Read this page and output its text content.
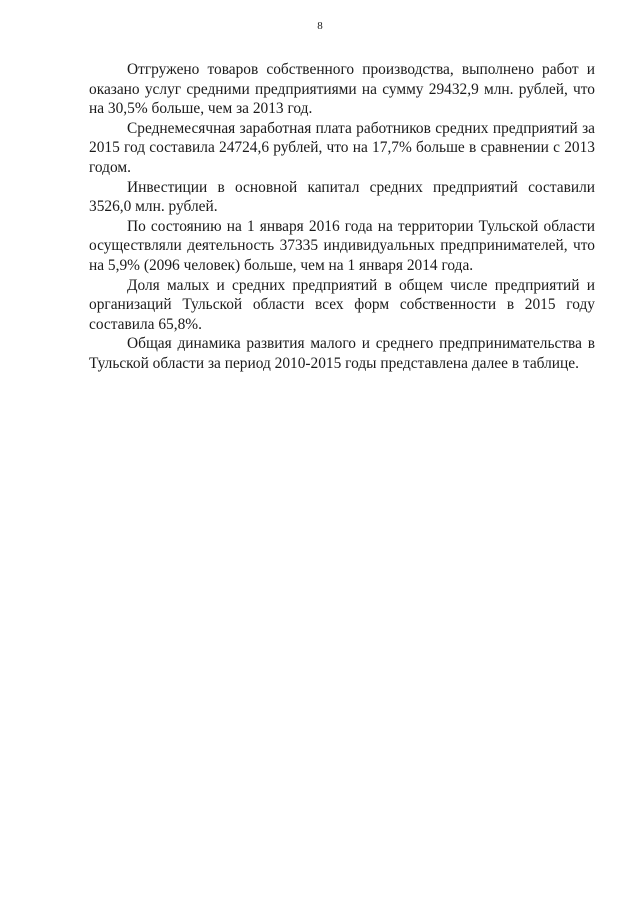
8

Отгружено товаров собственного производства, выполнено работ и оказано услуг средними предприятиями на сумму 29432,9 млн. рублей, что на 30,5% больше, чем за 2013 год.

Среднемесячная заработная плата работников средних предприятий за 2015 год составила 24724,6 рублей, что на 17,7% больше в сравнении с 2013 годом.

Инвестиции в основной капитал средних предприятий составили 3526,0 млн. рублей.

По состоянию на 1 января 2016 года на территории Тульской области осуществляли деятельность 37335 индивидуальных предпринимателей, что на 5,9% (2096 человек) больше, чем на 1 января 2014 года.

Доля малых и средних предприятий в общем числе предприятий и организаций Тульской области всех форм собственности в 2015 году составила 65,8%.

Общая динамика развития малого и среднего предпринимательства в Тульской области за период 2010-2015 годы представлена далее в таблице.
